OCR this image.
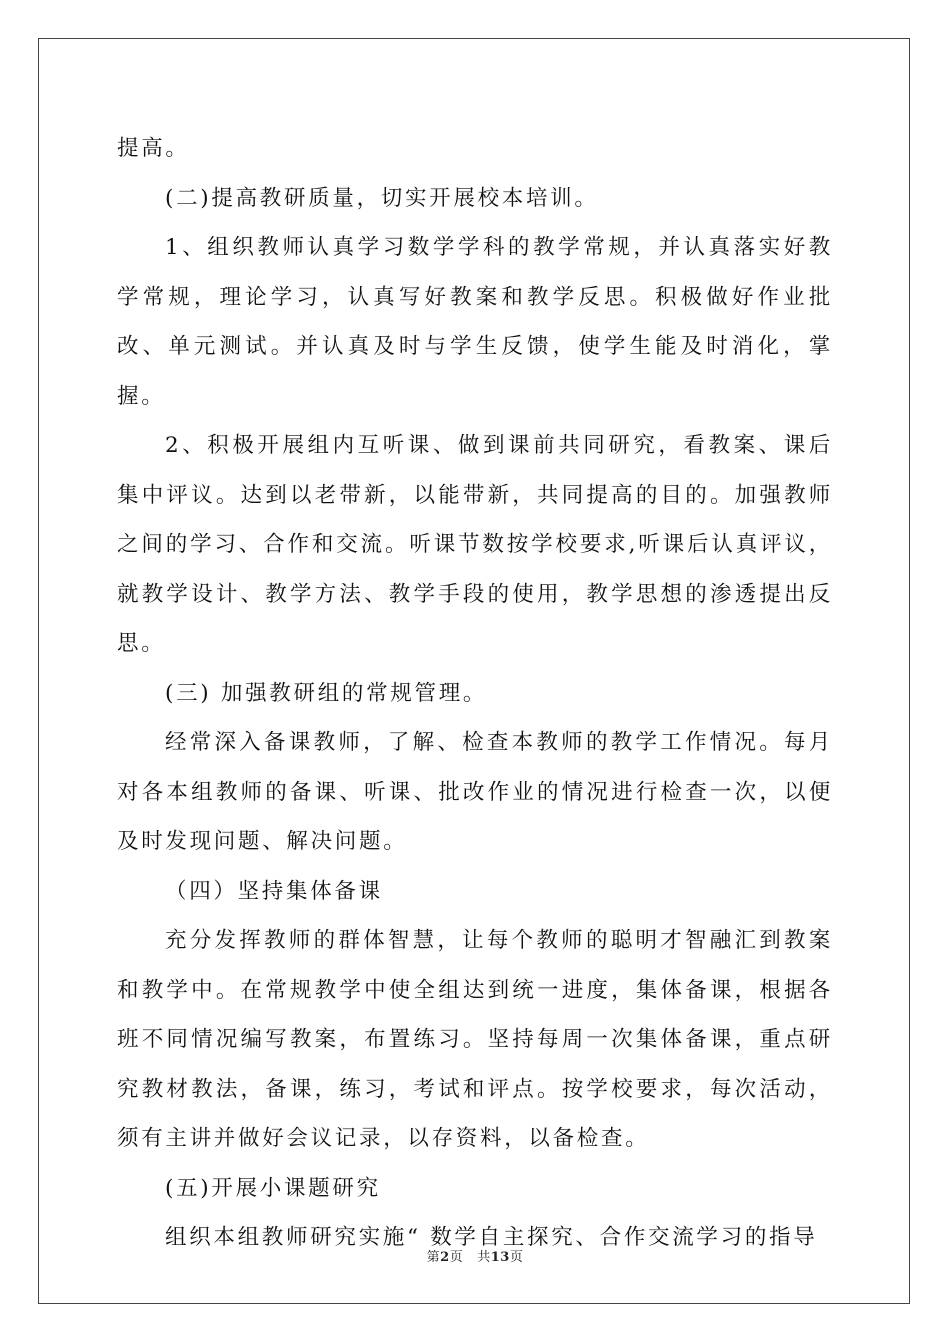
提高。

(二)提高教研质量，切实开展校本培训。

1、组织教师认真学习数学学科的教学常规，并认真落实好教学常规，理论学习，认真写好教案和教学反思。积极做好作业批改、单元测试。并认真及时与学生反馈，使学生能及时消化，掌握。

2、积极开展组内互听课、做到课前共同研究，看教案、课后集中评议。达到以老带新，以能带新，共同提高的目的。加强教师之间的学习、合作和交流。听课节数按学校要求,听课后认真评议，就教学设计、教学方法、教学手段的使用，教学思想的渗透提出反思。

(三) 加强教研组的常规管理。

经常深入备课教师，了解、检查本教师的教学工作情况。每月对各本组教师的备课、听课、批改作业的情况进行检查一次，以便及时发现问题、解决问题。

（四）坚持集体备课

充分发挥教师的群体智慧，让每个教师的聪明才智融汇到教案和教学中。在常规教学中使全组达到统一进度，集体备课，根据各班不同情况编写教案，布置练习。坚持每周一次集体备课，重点研究教材教法，备课，练习，考试和评点。按学校要求，每次活动，须有主讲并做好会议记录，以存资料，以备检查。

(五)开展小课题研究

组织本组教师研究实施“ 数学自主探究、合作交流学习的指导

第2页 共13页
